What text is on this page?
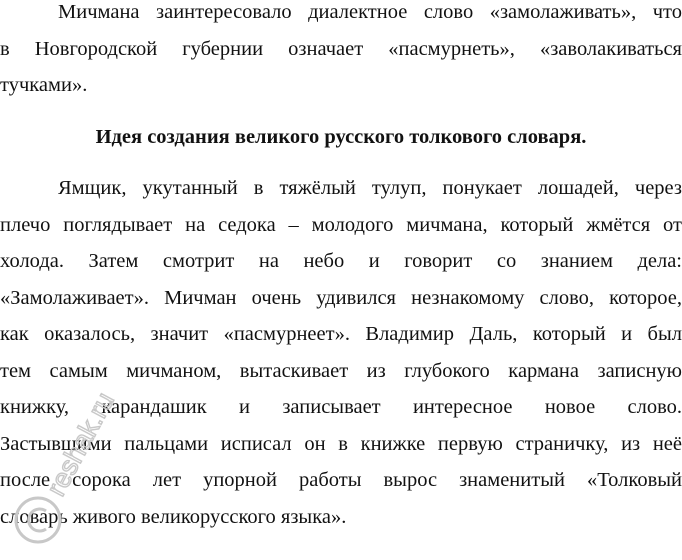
Мичмана заинтересовало диалектное слово «замолаживать», что
в Новгородской губернии означает «пасмурнеть», «заволакиваться
тучками».
Идея создания великого русского толкового словаря.
Ямщик, укутанный в тяжёлый тулуп, понукает лошадей, через
плечо поглядывает на седока – молодого мичмана, который жмётся от
холода. Затем смотрит на небо и говорит со знанием дела:
«Замолаживает». Мичман очень удивился незнакомому слово, которое,
как оказалось, значит «пасмурнеет». Владимир Даль, который и был
тем самым мичманом, вытаскивает из глубокого кармана записную
книжку, карандашик и записывает интересное новое слово.
Застывшими пальцами исписал он в книжке первую страничку, из неё
после сорока лет упорной работы вырос знаменитый «Толковый
словарь живого великорусского языка».
reshak.ru
